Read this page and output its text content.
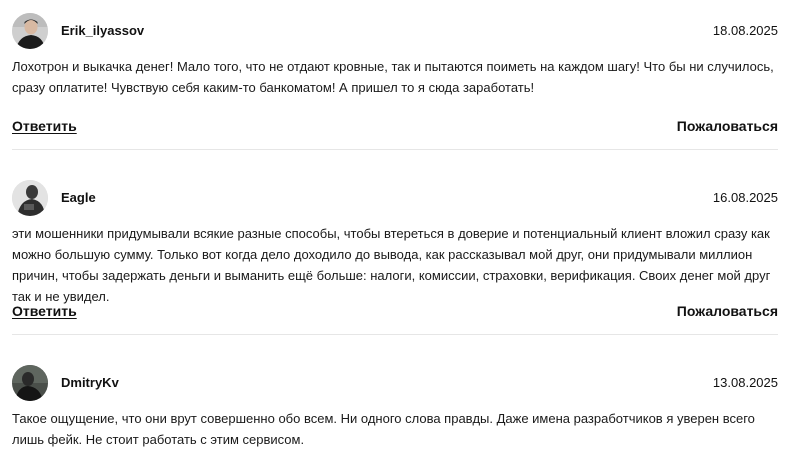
Erik_ilyassov	18.08.2025

Лохотрон и выкачка денег! Мало того, что не отдают кровные, так и пытаются поиметь на каждом шагу! Что бы ни случилось, сразу оплатите! Чувствую себя каким-то банкоматом! А пришел то я сюда заработать!

Ответить	Пожаловаться
Eagle	16.08.2025

эти мошенники придумывали всякие разные способы, чтобы втереться в доверие и потенциальный клиент вложил сразу как можно большую сумму. Только вот когда дело доходило до вывода, как рассказывал мой друг, они придумывали миллион причин, чтобы задержать деньги и выманить ещё больше: налоги, комиссии, страховки, верификация. Своих денег мой друг так и не увидел.

Ответить	Пожаловаться
DmitryKv	13.08.2025

Такое ощущение, что они врут совершенно обо всем. Ни одного слова правды. Даже имена разработчиков я уверен всего лишь фейк. Не стоит работать с этим сервисом.
